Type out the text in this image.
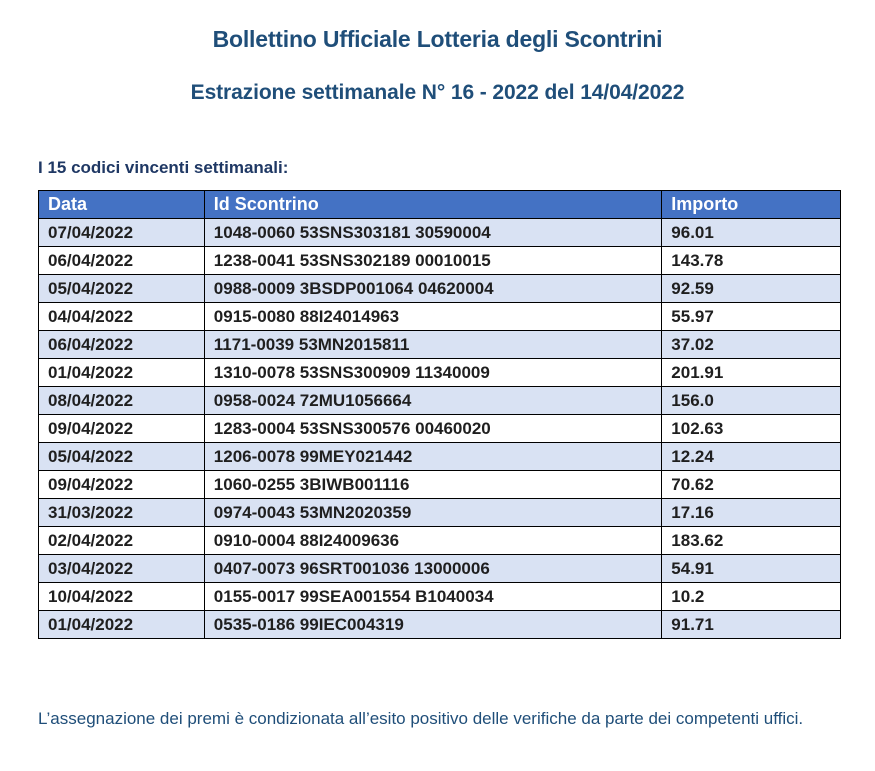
Bollettino Ufficiale Lotteria degli Scontrini
Estrazione settimanale N° 16 - 2022 del 14/04/2022

I 15 codici vincenti settimanali:

Data	Id Scontrino	Importo
07/04/2022	1048-0060 53SNS303181 30590004	96.01
06/04/2022	1238-0041 53SNS302189 00010015	143.78
05/04/2022	0988-0009 3BSDP001064 04620004	92.59
04/04/2022	0915-0080 88I24014963	55.97
06/04/2022	1171-0039 53MN2015811	37.02
01/04/2022	1310-0078 53SNS300909 11340009	201.91
08/04/2022	0958-0024 72MU1056664	156.0
09/04/2022	1283-0004 53SNS300576 00460020	102.63
05/04/2022	1206-0078 99MEY021442	12.24
09/04/2022	1060-0255 3BIWB001116	70.62
31/03/2022	0974-0043 53MN2020359	17.16
02/04/2022	0910-0004 88I24009636	183.62
03/04/2022	0407-0073 96SRT001036 13000006	54.91
10/04/2022	0155-0017 99SEA001554 B1040034	10.2
01/04/2022	0535-0186 99IEC004319	91.71

L’assegnazione dei premi è condizionata all’esito positivo delle verifiche da parte dei competenti uffici.
